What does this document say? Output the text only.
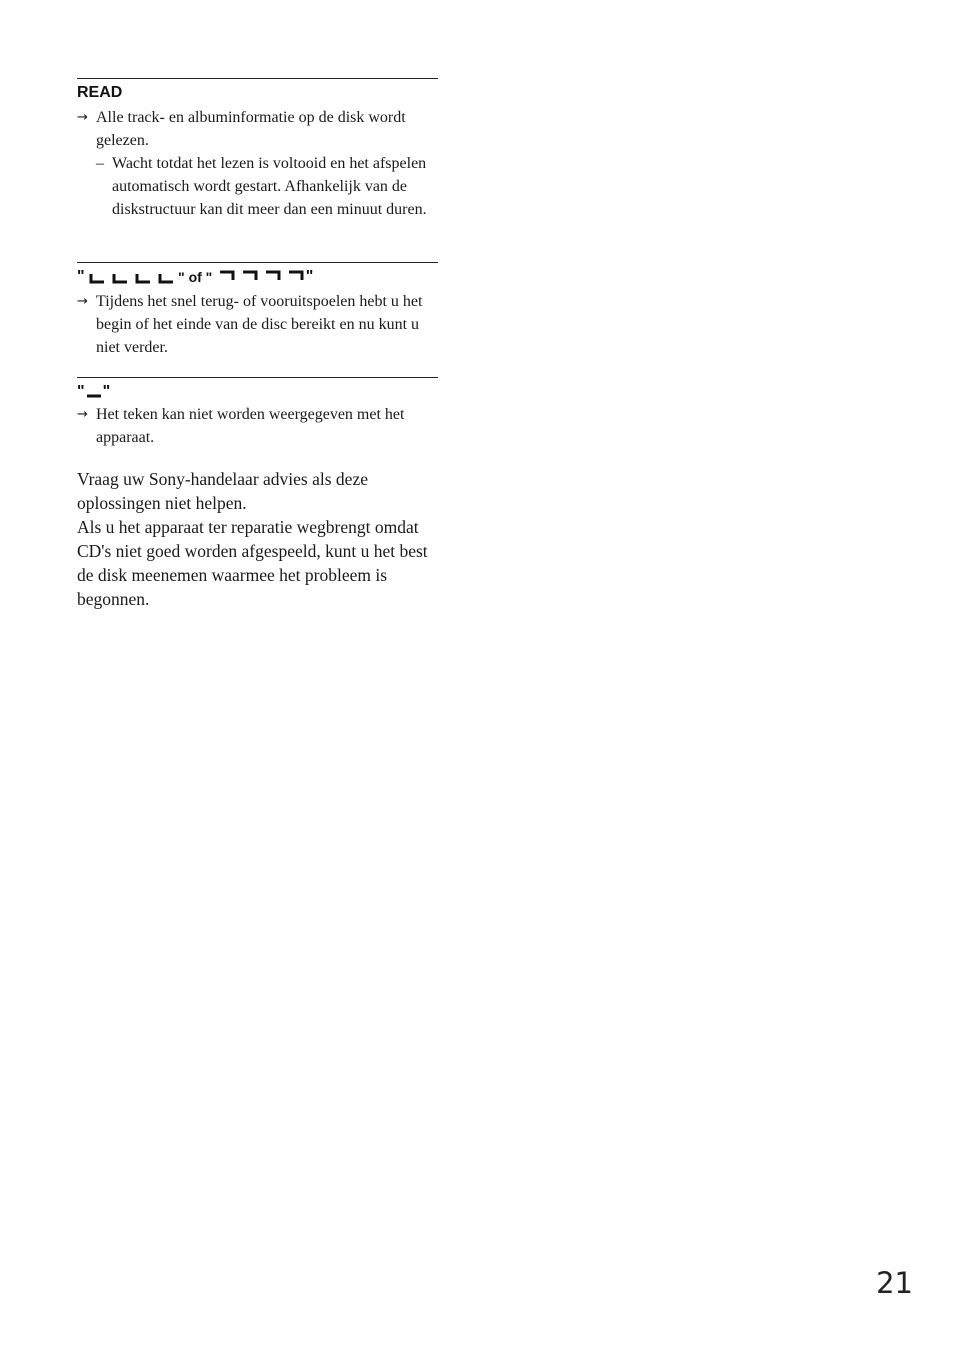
READ
→ Alle track- en albuminformatie op de disk wordt gelezen.
– Wacht totdat het lezen is voltooid en het afspelen automatisch wordt gestart. Afhankelijk van de diskstructuur kan dit meer dan een minuut duren.
"	" of "	"
→ Tijdens het snel terug- of vooruitspoelen hebt u het begin of het einde van de disc bereikt en nu kunt u niet verder.
" "
→ Het teken kan niet worden weergegeven met het apparaat.
Vraag uw Sony-handelaar advies als deze oplossingen niet helpen.
Als u het apparaat ter reparatie wegbrengt omdat CD's niet goed worden afgespeeld, kunt u het best de disk meenemen waarmee het probleem is begonnen.
21
